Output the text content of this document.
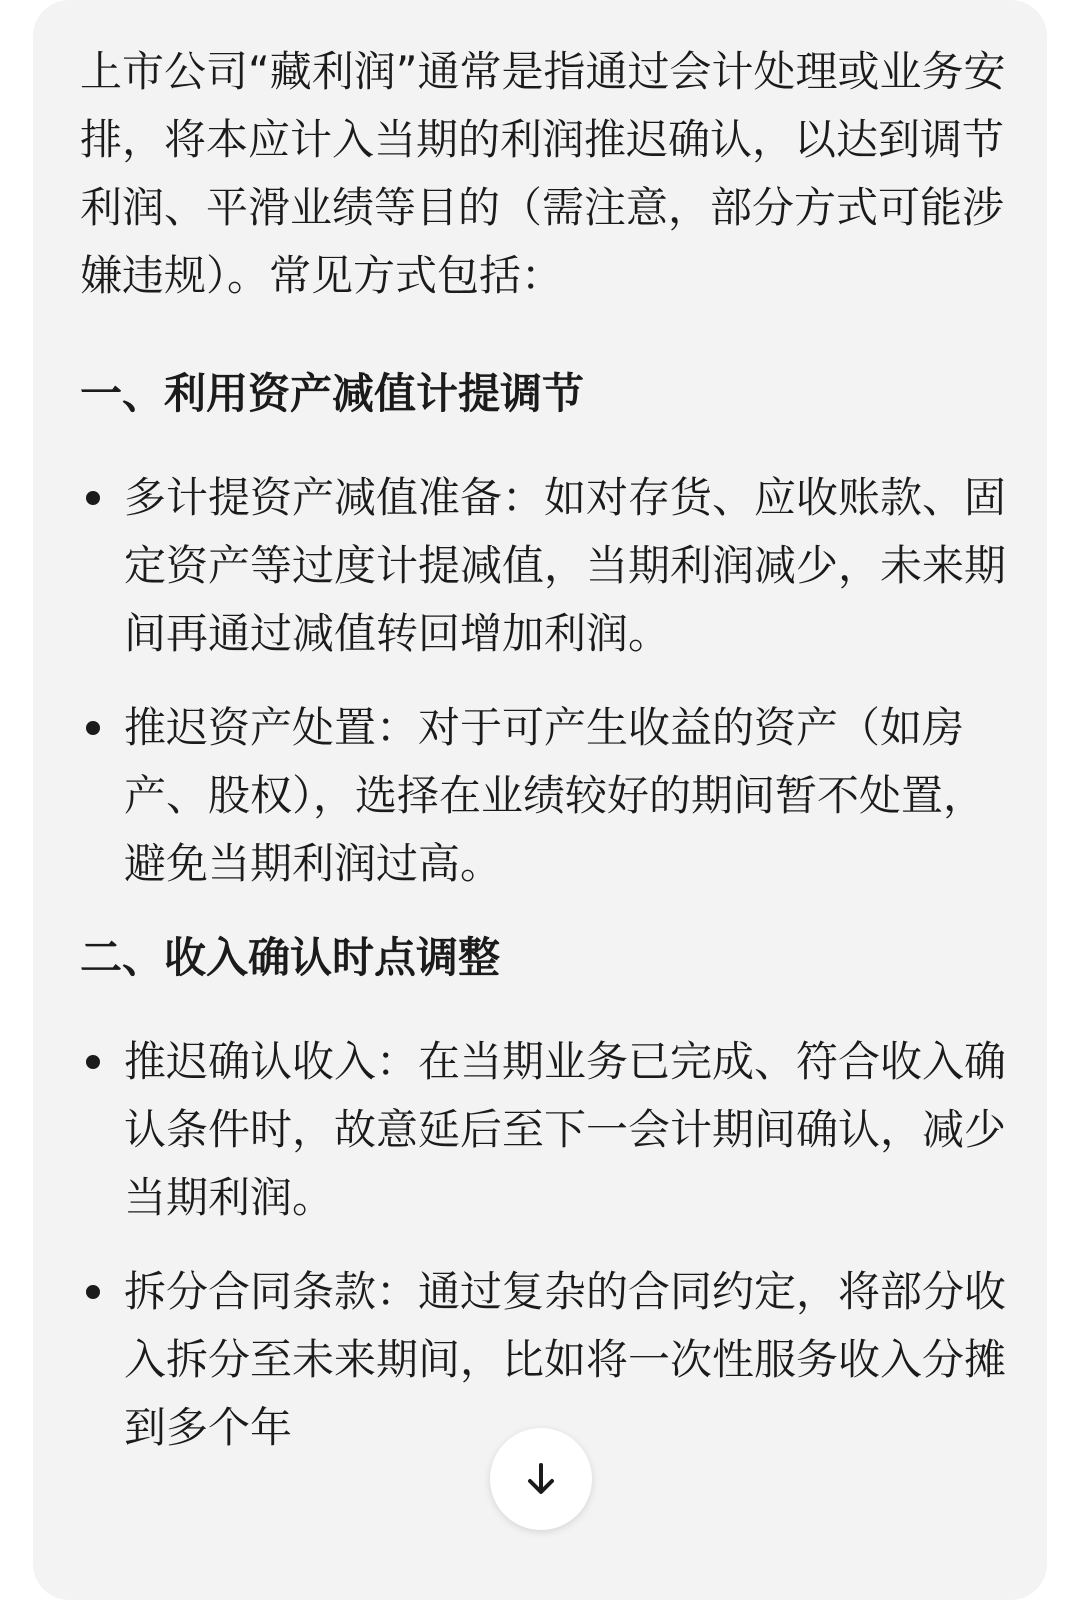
上市公司“藏利润”通常是指通过会计处理或业务安排，将本应计入当期的利润推迟确认，以达到调节利润、平滑业绩等目的（需注意，部分方式可能涉嫌违规）。常见方式包括：

一、利用资产减值计提调节
多计提资产减值准备：如对存货、应收账款、固定资产等过度计提减值，当期利润减少，未来期间再通过减值转回增加利润。
推迟资产处置：对于可产生收益的资产（如房产、股权），选择在业绩较好的期间暂不处置，避免当期利润过高。
二、收入确认时点调整
推迟确认收入：在当期业务已完成、符合收入确认条件时，故意延后至下一会计期间确认，减少当期利润。
拆分合同条款：通过复杂的合同约定，将部分收入拆分至未来期间，比如将一次性服务收入分摊到多个年
